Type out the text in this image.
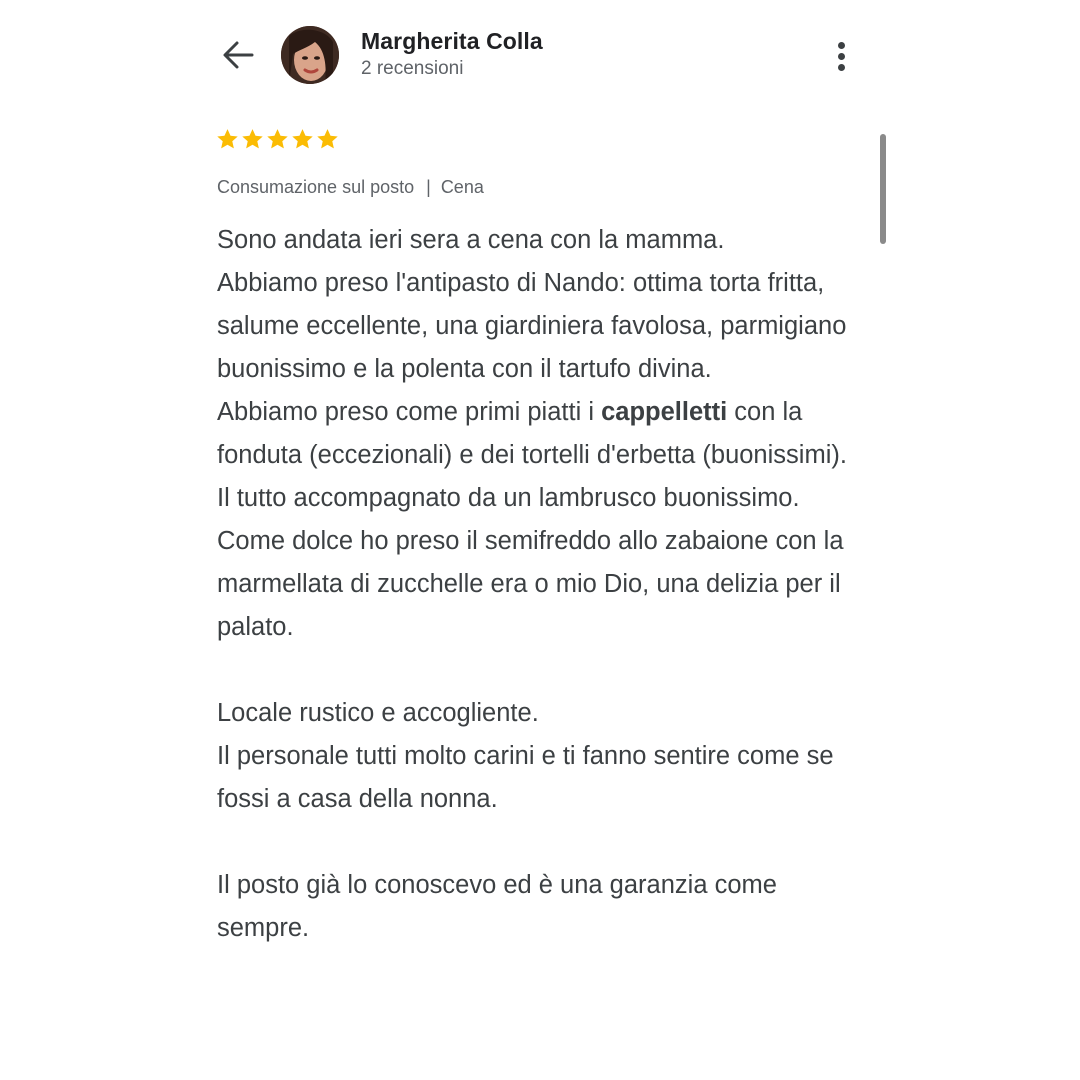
Margherita Colla
2 recensioni
Consumazione sul posto | Cena

Sono andata ieri sera a cena con la mamma.

Abbiamo preso l'antipasto di Nando: ottima torta fritta, salume eccellente, una giardiniera favolosa, parmigiano buonissimo e la polenta con il tartufo divina.

Abbiamo preso come primi piatti i cappelletti con la fonduta (eccezionali) e dei tortelli d'erbetta (buonissimi).

Il tutto accompagnato da un lambrusco buonissimo.

Come dolce ho preso il semifreddo allo zabaione con la marmellata di zucchelle era o mio Dio, una delizia per il palato.

Locale rustico e accogliente.

Il personale tutti molto carini e ti fanno sentire come se fossi a casa della nonna.

Il posto già lo conoscevo ed è una garanzia come sempre.
